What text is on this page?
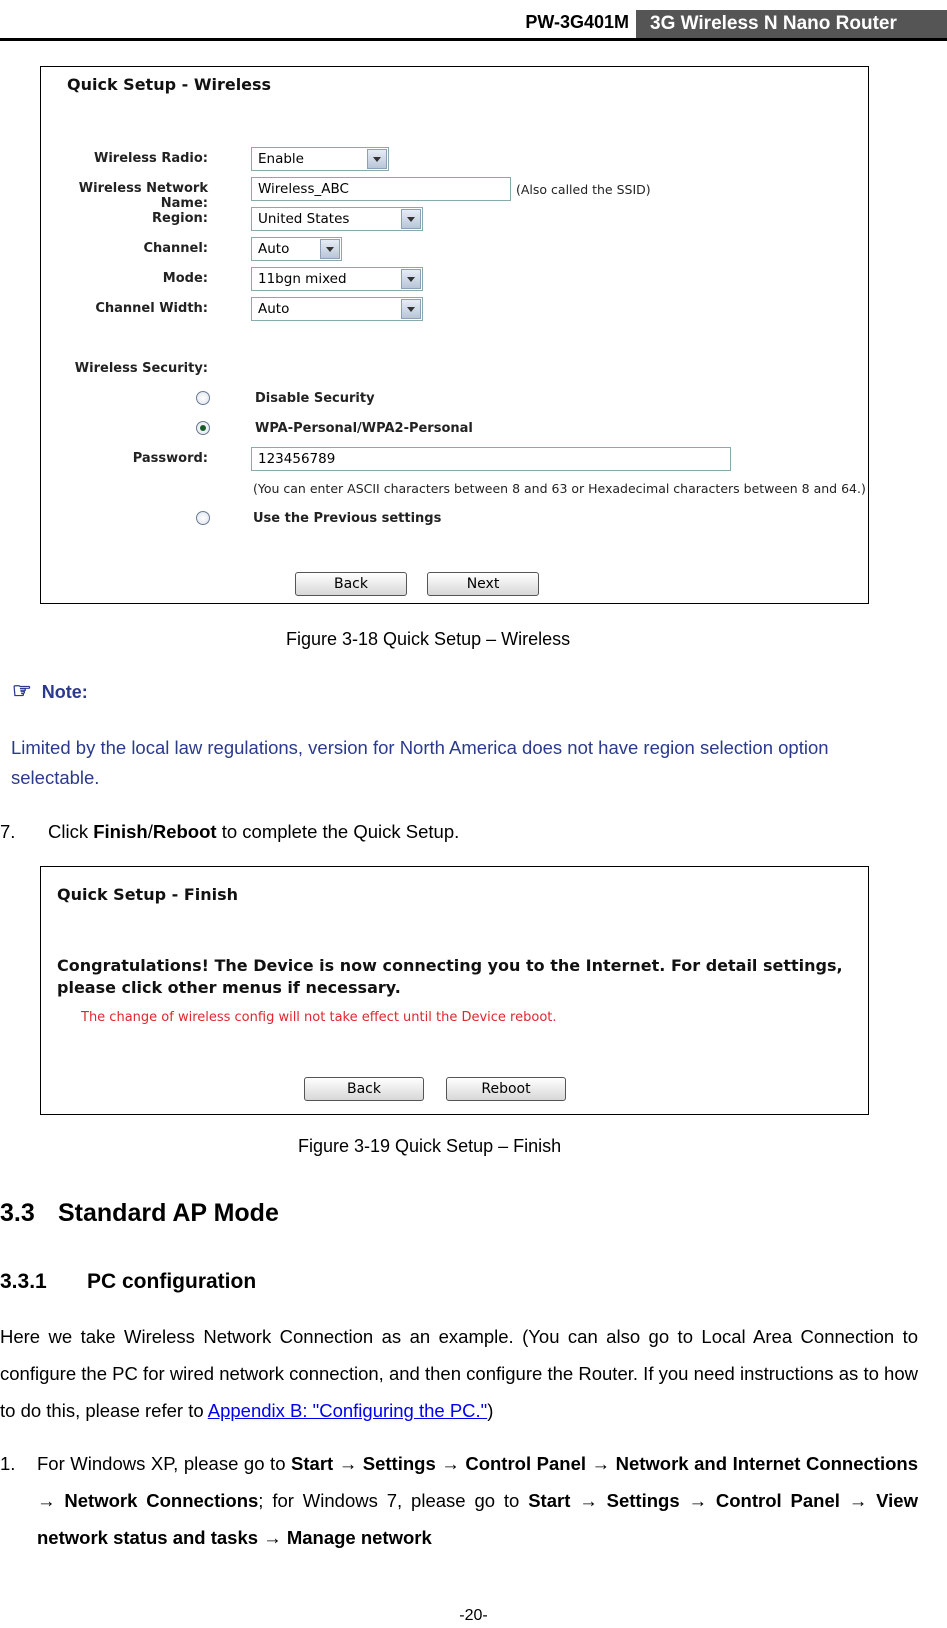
PW-3G401M	3G Wireless N Nano Router
Quick Setup - Wireless
Wireless Radio:	Enable
Wireless Network Name:
Wireless_ABC	(Also called the SSID)
Region:	United States
Channel:	Auto
Mode:	11bgn mixed
Channel Width:	Auto
Wireless Security:
Disable Security
WPA-Personal/WPA2-Personal
Password:	123456789
(You can enter ASCII characters between 8 and 63 or Hexadecimal characters between 8 and 64.)
Use the Previous settings
Back	Next
Figure 3-18 Quick Setup – Wireless
☞ Note:
Limited by the local law regulations, version for North America does not have region selection option selectable.
7. Click Finish/Reboot to complete the Quick Setup.
Quick Setup - Finish
Congratulations! The Device is now connecting you to the Internet. For detail settings, please click other menus if necessary.
The change of wireless config will not take effect until the Device reboot.
Back	Reboot
Figure 3-19 Quick Setup – Finish
3.3 Standard AP Mode
3.3.1 PC configuration
Here we take Wireless Network Connection as an example. (You can also go to Local Area Connection to configure the PC for wired network connection, and then configure the Router. If you need instructions as to how to do this, please refer to Appendix B: "Configuring the PC.")
1. For Windows XP, please go to Start → Settings → Control Panel → Network and Internet Connections → Network Connections; for Windows 7, please go to Start → Settings → Control Panel → View network status and tasks → Manage network
-20-
